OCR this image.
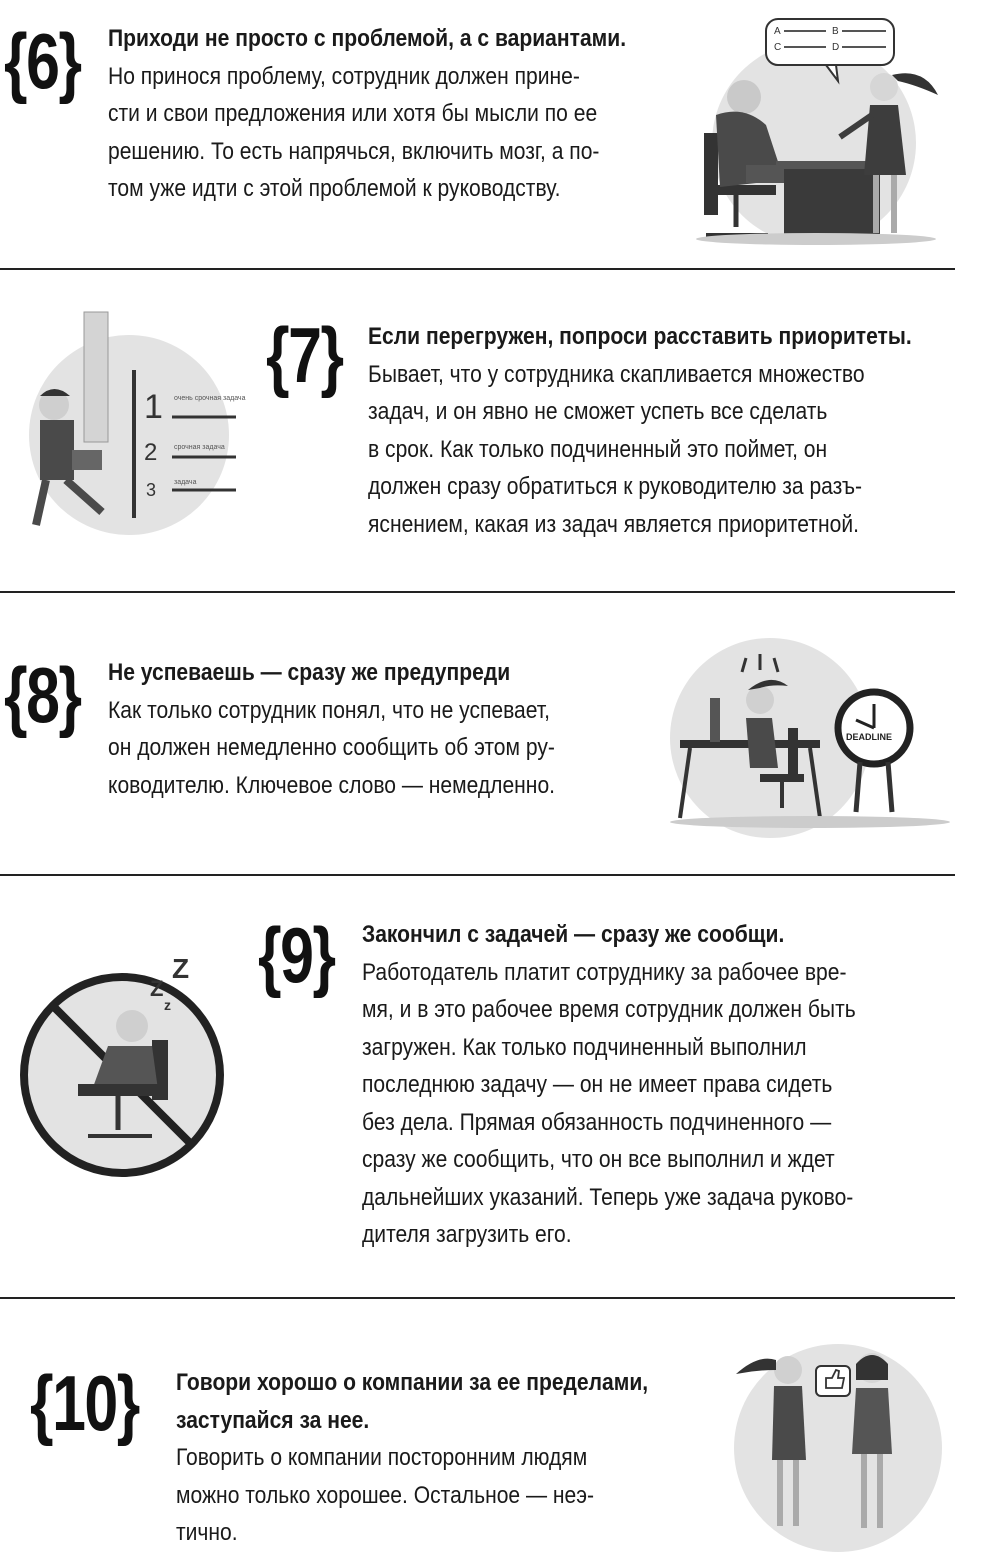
{6} Приходи не просто с проблемой, а с вариантами.
Но принося проблему, сотрудник должен прине-
сти и свои предложения или хотя бы мысли по ее
решению. То есть напрячься, включить мозг, а по-
том уже идти с этой проблемой к руководству.
A	B
C	D
1 очень срочная задача
2 срочная задача
3	задача
{7} Если перегружен, попроси расставить приоритеты.
Бывает, что у сотрудника скапливается множество
задач, и он явно не сможет успеть все сделать
в срок. Как только подчиненный это поймет, он
должен сразу обратиться к руководителю за разъ-
яснением, какая из задач является приоритетной.
{8} Не успеваешь — сразу же предупреди
Как только сотрудник понял, что не успевает,
он должен немедленно сообщить об этом ру-
ководителю. Ключевое слово — немедленно.
DEADLINE
Z
Z
z
{9} Закончил с задачей — сразу же сообщи.
Работодатель платит сотруднику за рабочее вре-
мя, и в это рабочее время сотрудник должен быть
загружен. Как только подчиненный выполнил
последнюю задачу — он не имеет права сидеть
без дела. Прямая обязанность подчиненного —
сразу же сообщить, что он все выполнил и ждет
дальнейших указаний. Теперь уже задача руково-
дителя загрузить его.
{10} Говори хорошо о компании за ее пределами,
заступайся за нее.
Говорить о компании посторонним людям
можно только хорошее. Остальное — неэ-
тично.
